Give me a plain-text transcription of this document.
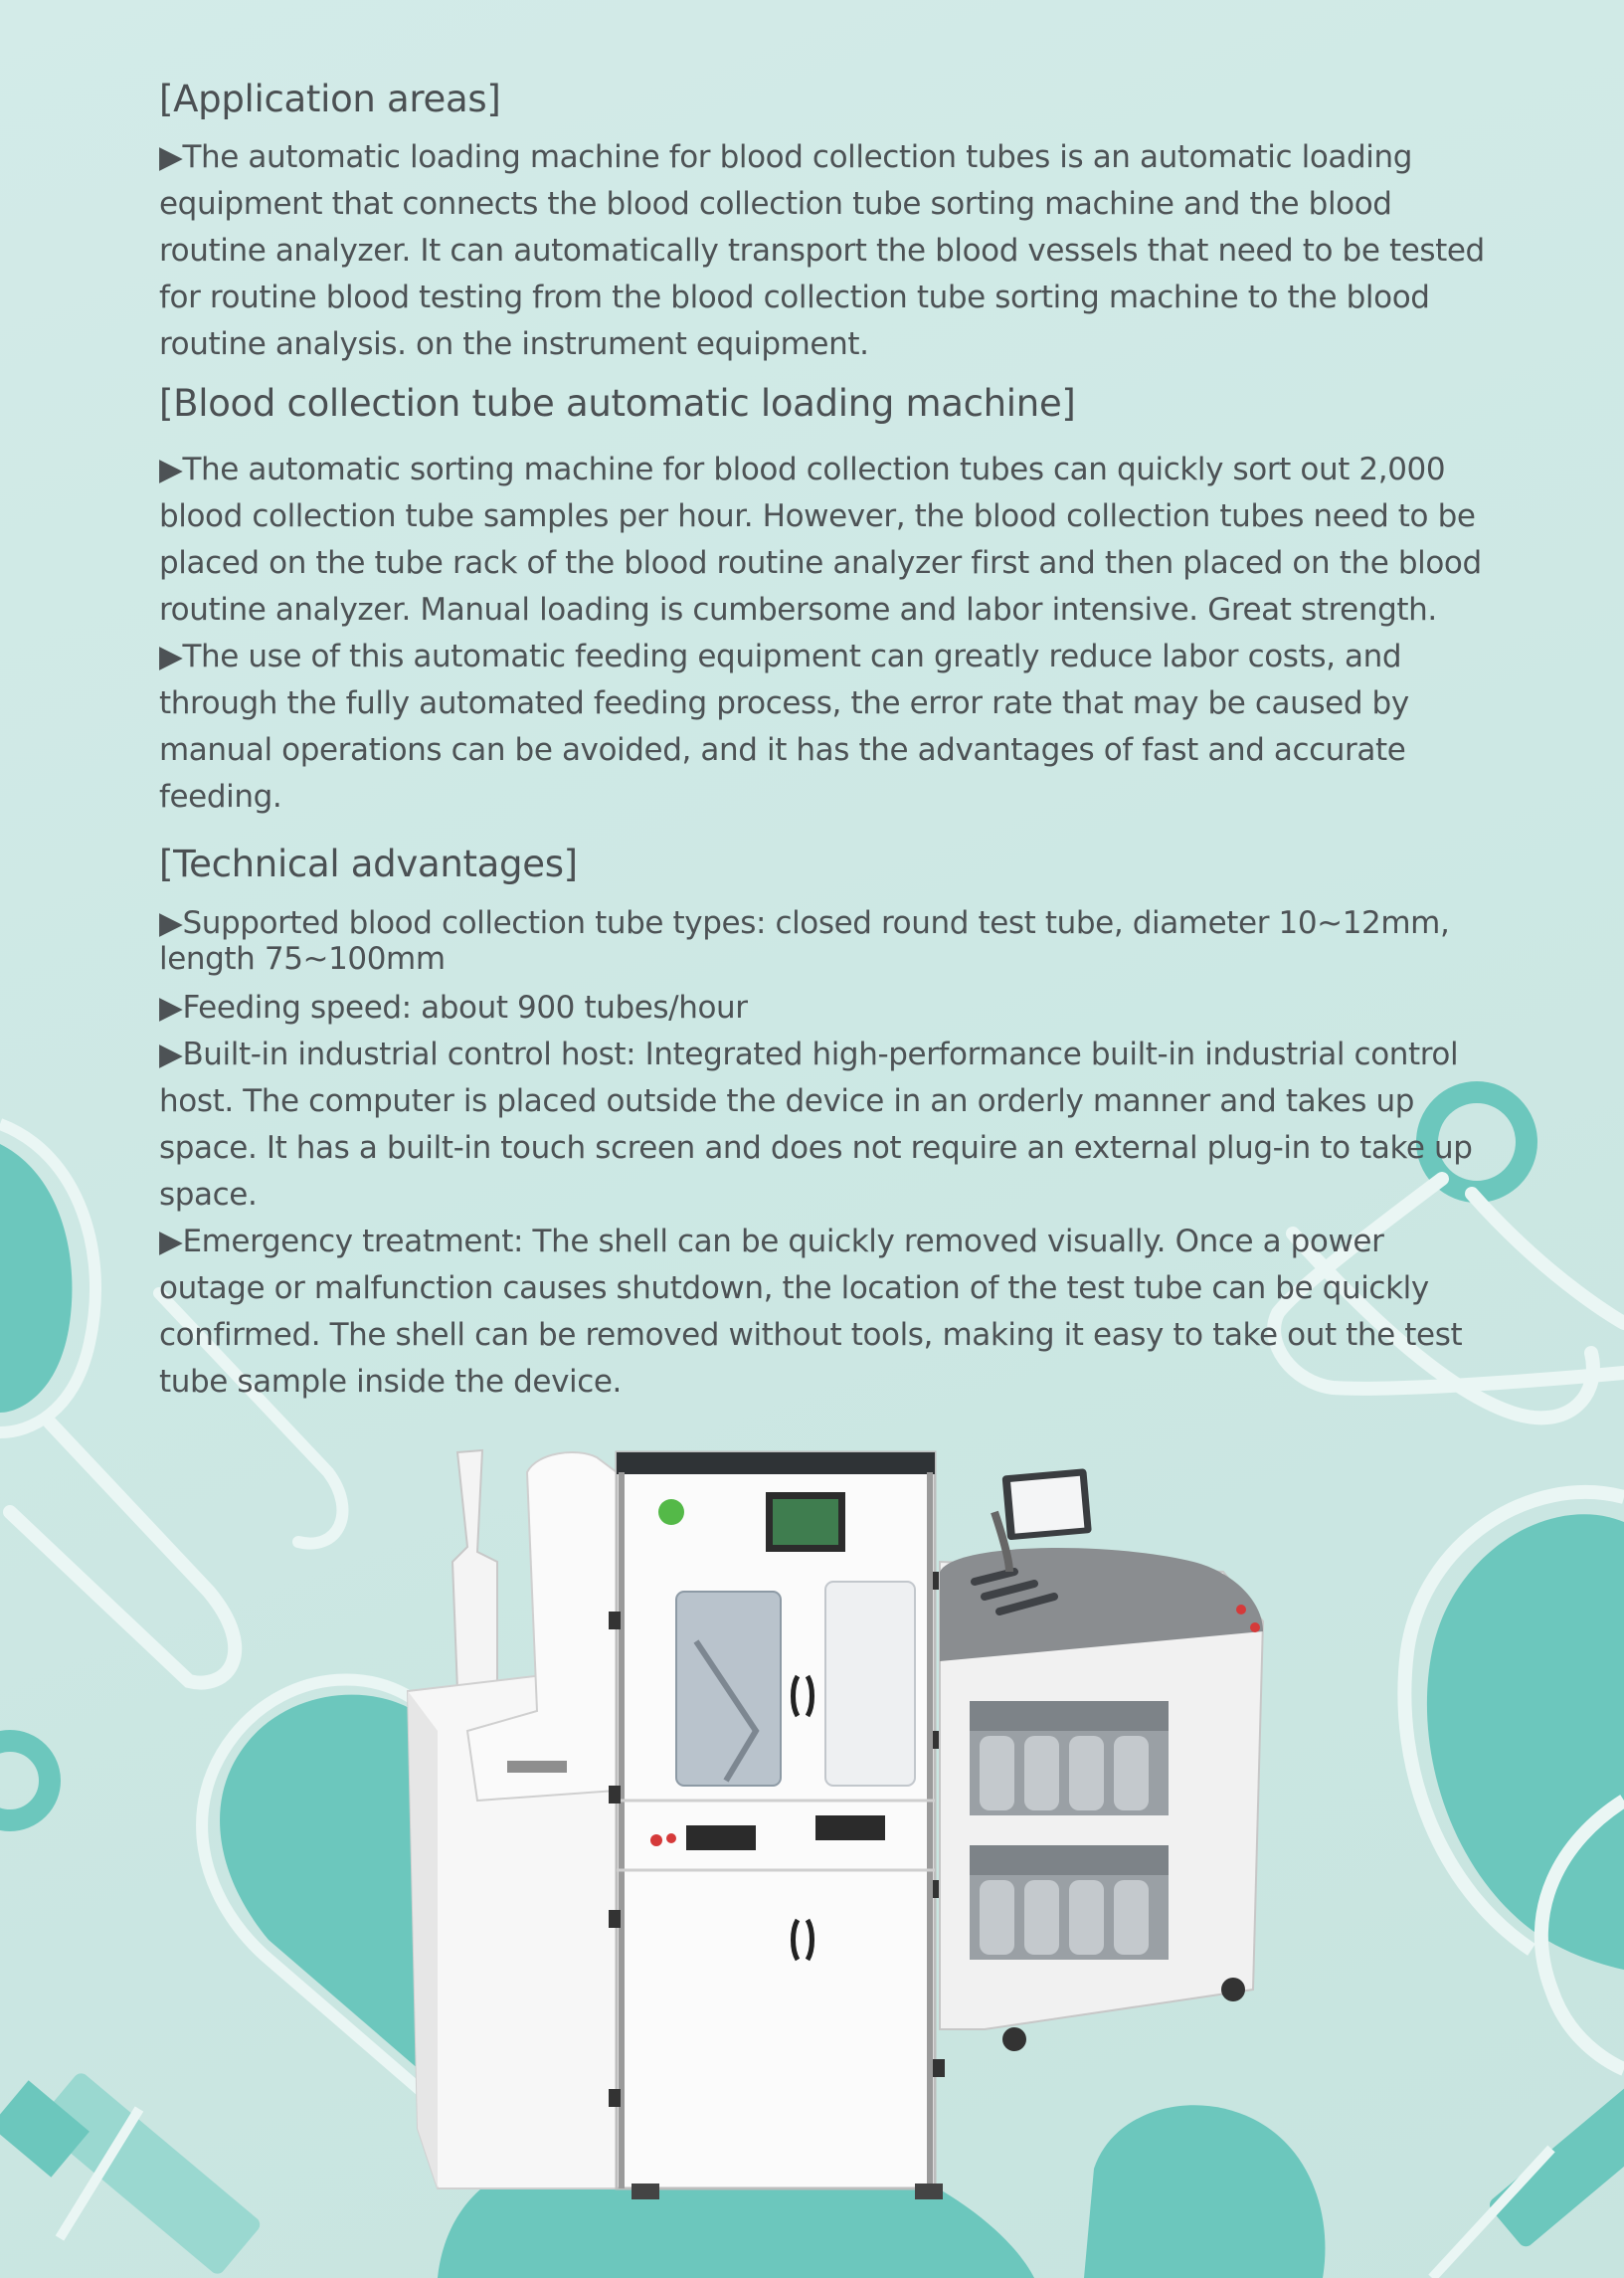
[Application areas]

▶The automatic loading machine for blood collection tubes is an automatic loading equipment that connects the blood collection tube sorting machine and the blood routine analyzer. It can automatically transport the blood vessels that need to be tested for routine blood testing from the blood collection tube sorting machine to the blood routine analysis. on the instrument equipment.

[Blood collection tube automatic loading machine]

▶The automatic sorting machine for blood collection tubes can quickly sort out 2,000 blood collection tube samples per hour. However, the blood collection tubes need to be placed on the tube rack of the blood routine analyzer first and then placed on the blood routine analyzer. Manual loading is cumbersome and labor intensive. Great strength.

▶The use of this automatic feeding equipment can greatly reduce labor costs, and through the fully automated feeding process, the error rate that may be caused by manual operations can be avoided, and it has the advantages of fast and accurate feeding.

[Technical advantages]

▶Supported blood collection tube types: closed round test tube, diameter 10~12mm, length 75~100mm

▶Feeding speed: about 900 tubes/hour

▶Built-in industrial control host: Integrated high-performance built-in industrial control host. The computer is placed outside the device in an orderly manner and takes up space. It has a built-in touch screen and does not require an external plug-in to take up space.

▶Emergency treatment: The shell can be quickly removed visually. Once a power outage or malfunction causes shutdown, the location of the test tube can be quickly confirmed. The shell can be removed without tools, making it easy to take out the test tube sample inside the device.
